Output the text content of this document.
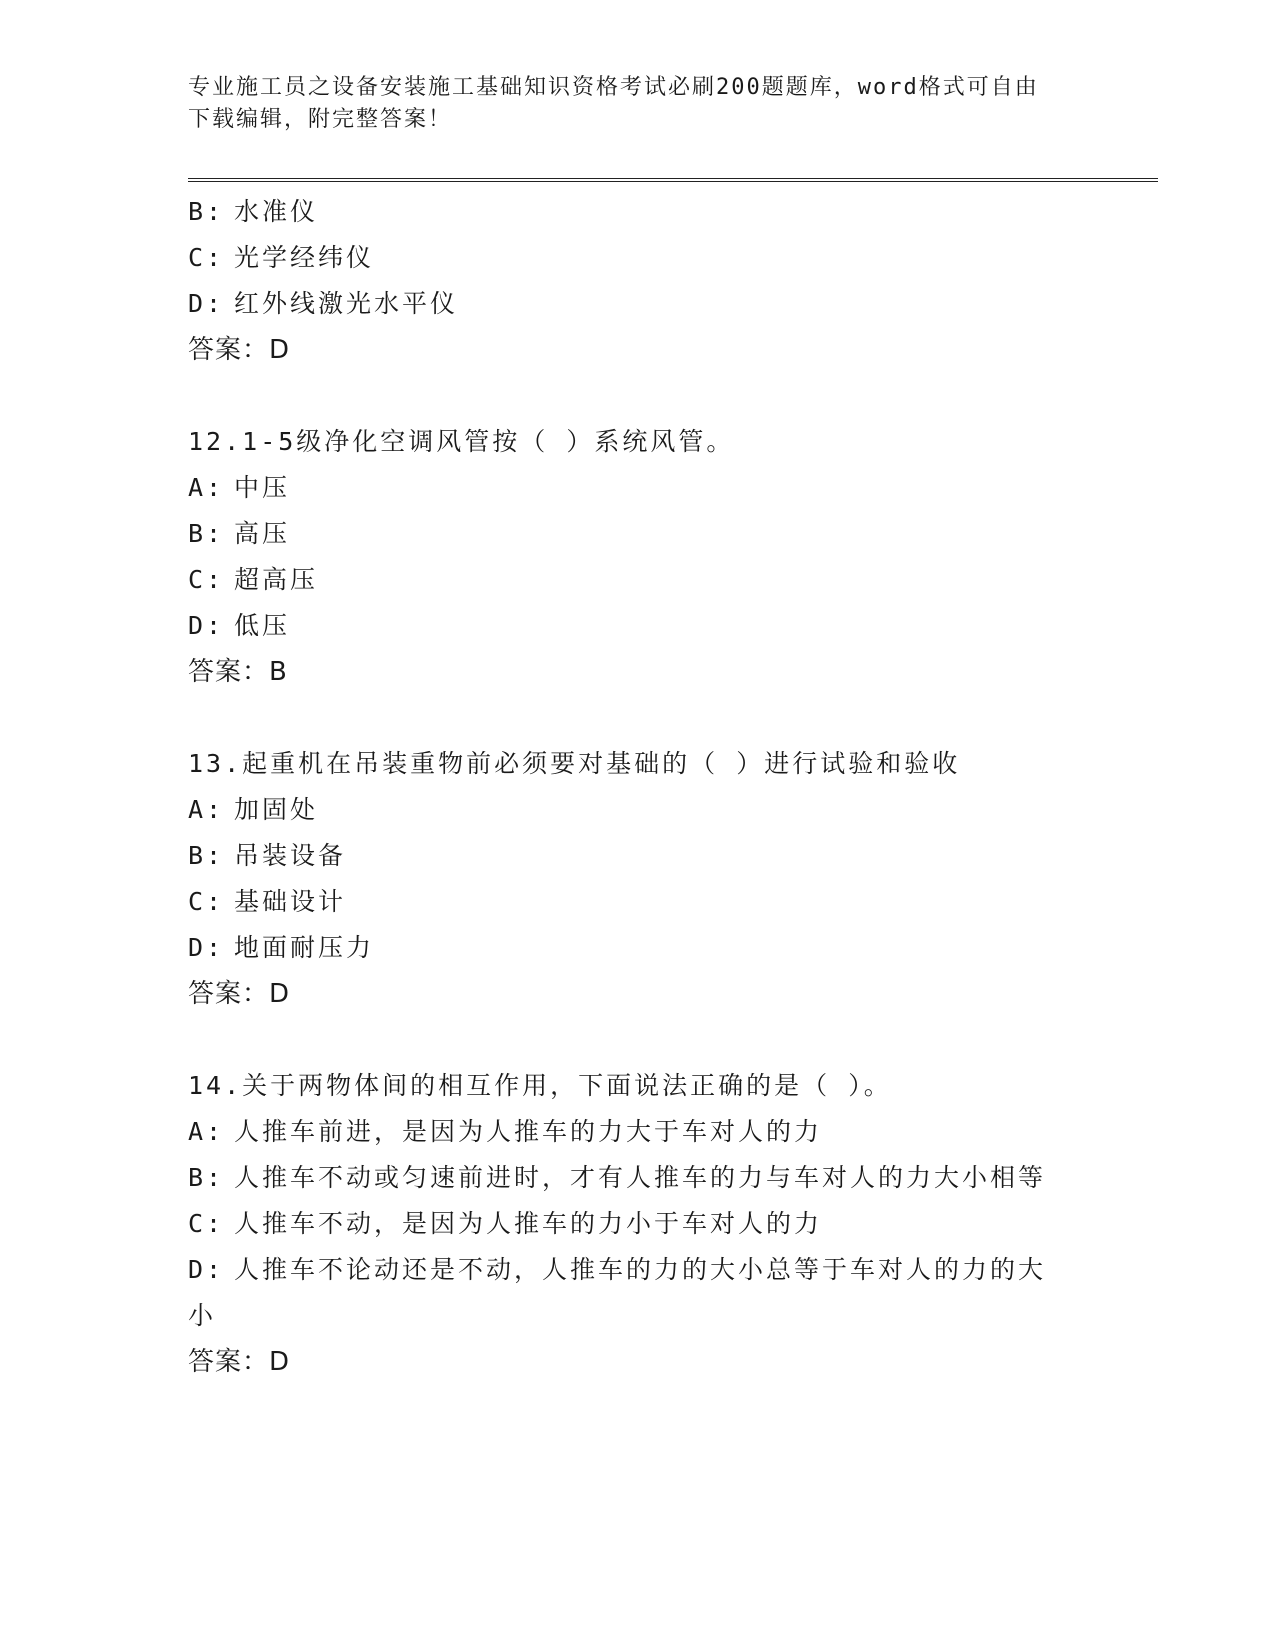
专业施工员之设备安装施工基础知识资格考试必刷200题题库，word格式可自由
下载编辑，附完整答案！
B: 水准仪
C: 光学经纬仪
D: 红外线激光水平仪
答案：D
12.1-5级净化空调风管按（ ）系统风管。
A: 中压
B: 高压
C: 超高压
D: 低压
答案：B
13.起重机在吊装重物前必须要对基础的（ ）进行试验和验收
A: 加固处
B: 吊装设备
C: 基础设计
D: 地面耐压力
答案：D
14.关于两物体间的相互作用，下面说法正确的是（ ）。
A: 人推车前进，是因为人推车的力大于车对人的力
B: 人推车不动或匀速前进时，才有人推车的力与车对人的力大小相等
C: 人推车不动，是因为人推车的力小于车对人的力
D: 人推车不论动还是不动，人推车的力的大小总等于车对人的力的大
小
答案：D
